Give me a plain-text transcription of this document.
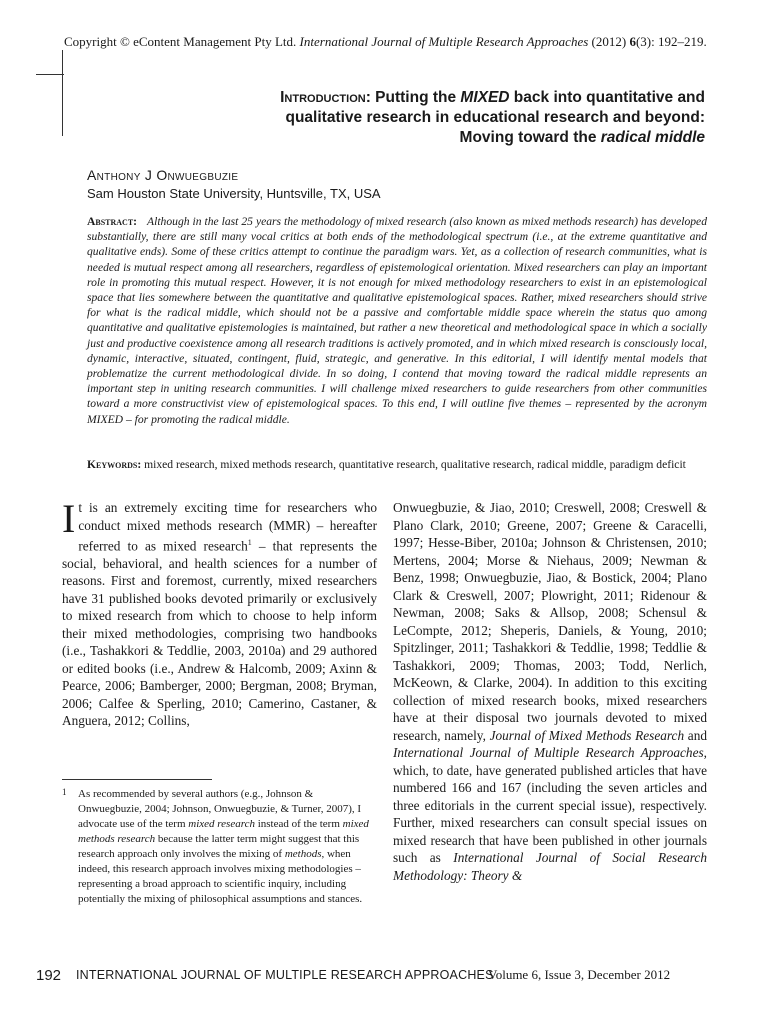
Copyright © eContent Management Pty Ltd. International Journal of Multiple Research Approaches (2012) 6(3): 192–219.
Introduction: Putting the MIXED back into quantitative and
qualitative research in educational research and beyond:
Moving toward the radical middle
Anthony J Onwuegbuzie
Sam Houston State University, Huntsville, TX, USA
Abstract: Although in the last 25 years the methodology of mixed research (also known as mixed methods research) has developed substantially, there are still many vocal critics at both ends of the methodological spectrum (i.e., at the extreme quantitative and qualitative ends). Some of these critics attempt to continue the paradigm wars. Yet, as a collection of research communities, what is needed is mutual respect among all researchers, regardless of epistemological orientation. Mixed researchers can play an important role in promoting this mutual respect. However, it is not enough for mixed methodology researchers to exist in an epistemological space that lies somewhere between the quantitative and qualitative epistemological spaces. Rather, mixed researchers should strive for what is the radical middle, which should not be a passive and comfortable middle space wherein the status quo among quantitative and qualitative epistemologies is maintained, but rather a new theoretical and methodological space in which a socially just and productive coexistence among all research traditions is actively promoted, and in which mixed research is consciously local, dynamic, interactive, situated, contingent, fluid, strategic, and generative. In this editorial, I will identify mental models that problematize the current methodological divide. In so doing, I contend that moving toward the radical middle represents an important step in uniting research communities. I will challenge mixed researchers to guide researchers from other communities toward a more constructivist view of epistemological spaces. To this end, I will outline five themes – represented by the acronym MIXED – for promoting the radical middle.
Keywords: mixed research, mixed methods research, quantitative research, qualitative research, radical middle, paradigm deficit
It is an extremely exciting time for researchers who conduct mixed methods research (MMR) – hereafter referred to as mixed research$^1$ – that represents the social, behavioral, and health sciences for a number of reasons. First and foremost, currently, mixed researchers have 31 published books devoted primarily or exclusively to mixed research from which to choose to help inform their mixed methodologies, comprising two handbooks (i.e., Tashakkori & Teddlie, 2003, 2010a) and 29 authored or edited books (i.e., Andrew & Halcomb, 2009; Axinn & Pearce, 2006; Bamberger, 2000; Bergman, 2008; Bryman, 2006; Calfee & Sperling, 2010; Camerino, Castaner, & Anguera, 2012; Collins,
Onwuegbuzie, & Jiao, 2010; Creswell, 2008; Creswell & Plano Clark, 2010; Greene, 2007; Greene & Caracelli, 1997; Hesse-Biber, 2010a; Johnson & Christensen, 2010; Mertens, 2004; Morse & Niehaus, 2009; Newman & Benz, 1998; Onwuegbuzie, Jiao, & Bostick, 2004; Plano Clark & Creswell, 2007; Plowright, 2011; Ridenour & Newman, 2008; Saks & Allsop, 2008; Schensul & LeCompte, 2012; Sheperis, Daniels, & Young, 2010; Spitzlinger, 2011; Tashakkori & Teddlie, 1998; Teddlie & Tashakkori, 2009; Thomas, 2003; Todd, Nerlich, McKeown, & Clarke, 2004). In addition to this exciting collection of mixed research books, mixed researchers have at their disposal two journals devoted to mixed research, namely, Journal of Mixed Methods Research and International Journal of Multiple Research Approaches, which, to date, have generated published articles that have numbered 166 and 167 (including the seven articles and three editorials in the current special issue), respectively. Further, mixed researchers can consult special issues on mixed research that have been published in other journals such as International Journal of Social Research Methodology: Theory &
1 As recommended by several authors (e.g., Johnson & Onwuegbuzie, 2004; Johnson, Onwuegbuzie, & Turner, 2007), I advocate use of the term mixed research instead of the term mixed methods research because the latter term might suggest that this research approach only involves the mixing of methods, when indeed, this research approach involves mixing methodologies – representing a broad approach to scientific inquiry, including potentially the mixing of philosophical assumptions and stances.
192 INTERNATIONAL JOURNAL OF MULTIPLE RESEARCH APPROACHES
Volume 6, Issue 3, December 2012
